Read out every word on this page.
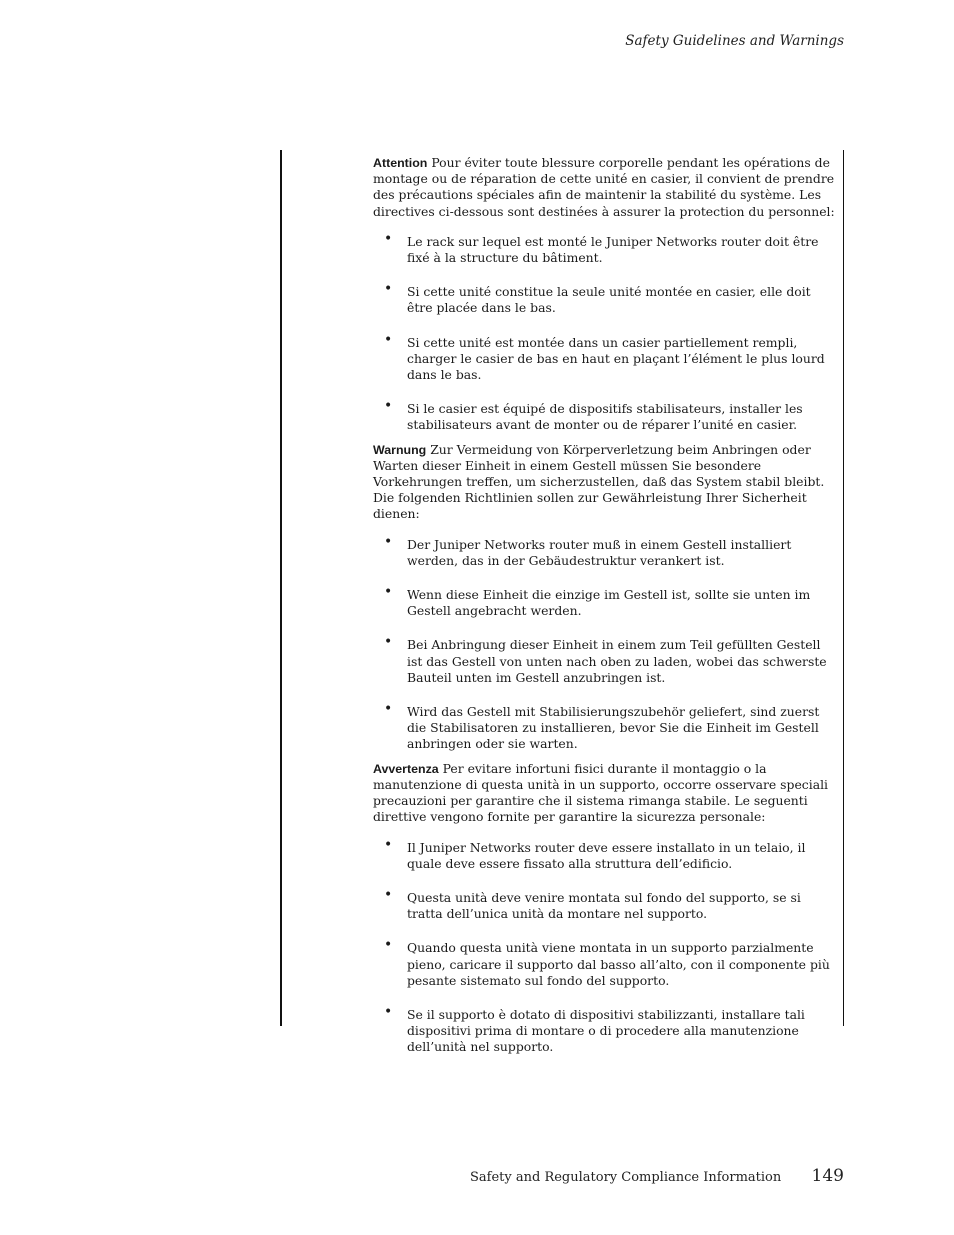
Safety Guidelines and Warnings

Attention Pour éviter toute blessure corporelle pendant les opérations de montage ou de réparation de cette unité en casier, il convient de prendre des précautions spéciales afin de maintenir la stabilité du système. Les directives ci-dessous sont destinées à assurer la protection du personnel:

• Le rack sur lequel est monté le Juniper Networks router doit être fixé à la structure du bâtiment.
• Si cette unité constitue la seule unité montée en casier, elle doit être placée dans le bas.
• Si cette unité est montée dans un casier partiellement rempli, charger le casier de bas en haut en plaçant l’élément le plus lourd dans le bas.
• Si le casier est équipé de dispositifs stabilisateurs, installer les stabilisateurs avant de monter ou de réparer l’unité en casier.

Warnung Zur Vermeidung von Körperverletzung beim Anbringen oder Warten dieser Einheit in einem Gestell müssen Sie besondere Vorkehrungen treffen, um sicherzustellen, daß das System stabil bleibt. Die folgenden Richtlinien sollen zur Gewährleistung Ihrer Sicherheit dienen:

• Der Juniper Networks router muß in einem Gestell installiert werden, das in der Gebäudestruktur verankert ist.
• Wenn diese Einheit die einzige im Gestell ist, sollte sie unten im Gestell angebracht werden.
• Bei Anbringung dieser Einheit in einem zum Teil gefüllten Gestell ist das Gestell von unten nach oben zu laden, wobei das schwerste Bauteil unten im Gestell anzubringen ist.
• Wird das Gestell mit Stabilisierungszubehör geliefert, sind zuerst die Stabilisatoren zu installieren, bevor Sie die Einheit im Gestell anbringen oder sie warten.

Avvertenza Per evitare infortuni fisici durante il montaggio o la manutenzione di questa unità in un supporto, occorre osservare speciali precauzioni per garantire che il sistema rimanga stabile. Le seguenti direttive vengono fornite per garantire la sicurezza personale:

• Il Juniper Networks router deve essere installato in un telaio, il quale deve essere fissato alla struttura dell’edificio.
• Questa unità deve venire montata sul fondo del supporto, se si tratta dell’unica unità da montare nel supporto.
• Quando questa unità viene montata in un supporto parzialmente pieno, caricare il supporto dal basso all’alto, con il componente più pesante sistemato sul fondo del supporto.
• Se il supporto è dotato di dispositivi stabilizzanti, installare tali dispositivi prima di montare o di procedere alla manutenzione dell’unità nel supporto.
Safety and Regulatory Compliance Information 149
